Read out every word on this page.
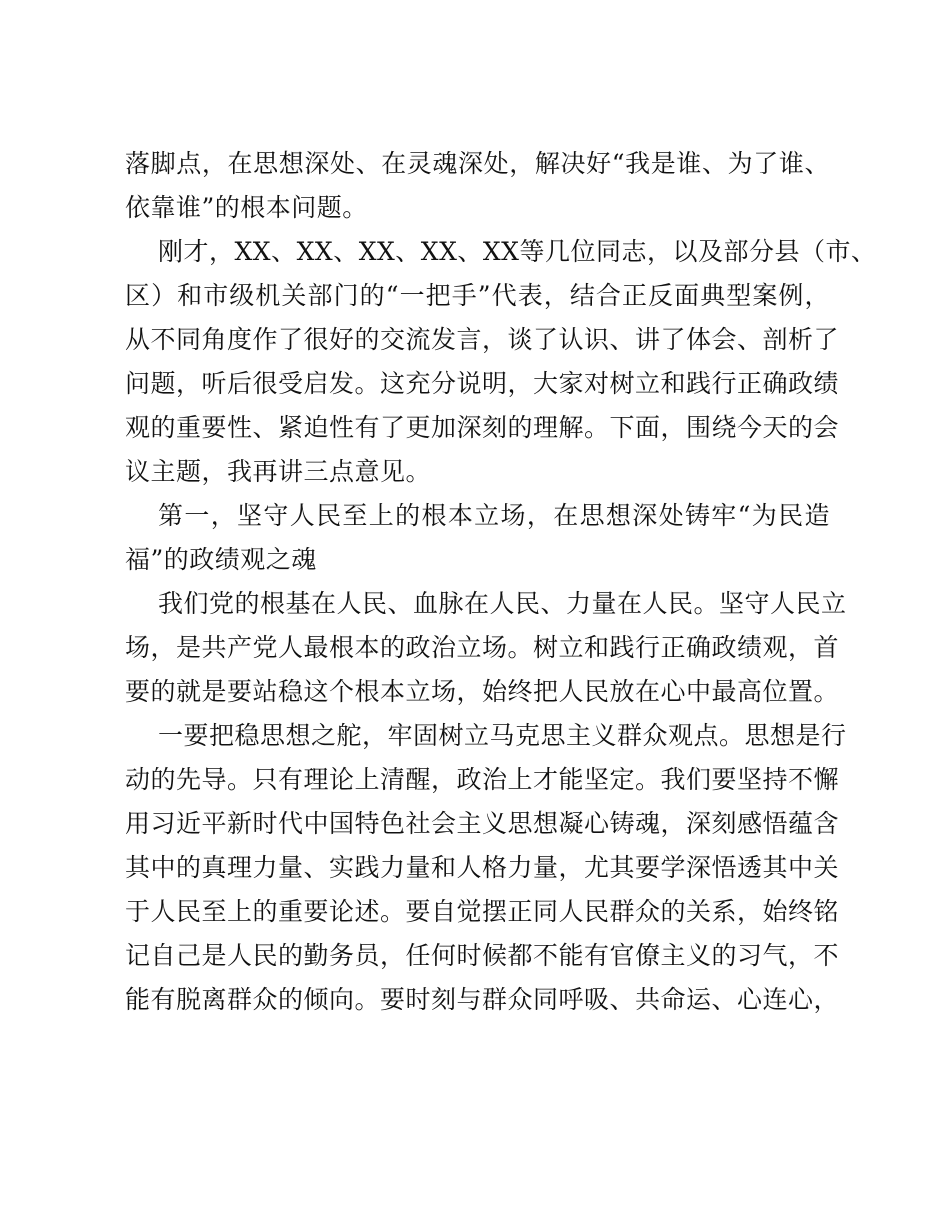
落脚点，在思想深处、在灵魂深处，解决好“我是谁、为了谁、
依靠谁”的根本问题。
刚才，XX、XX、XX、XX、XX等几位同志，以及部分县（市、
区）和市级机关部门的“一把手”代表，结合正反面典型案例，
从不同角度作了很好的交流发言，谈了认识、讲了体会、剖析了
问题，听后很受启发。这充分说明，大家对树立和践行正确政绩
观的重要性、紧迫性有了更加深刻的理解。下面，围绕今天的会
议主题，我再讲三点意见。
第一，坚守人民至上的根本立场，在思想深处铸牢“为民造
福”的政绩观之魂
我们党的根基在人民、血脉在人民、力量在人民。坚守人民立
场，是共产党人最根本的政治立场。树立和践行正确政绩观，首
要的就是要站稳这个根本立场，始终把人民放在心中最高位置。
一要把稳思想之舵，牢固树立马克思主义群众观点。思想是行
动的先导。只有理论上清醒，政治上才能坚定。我们要坚持不懈
用习近平新时代中国特色社会主义思想凝心铸魂，深刻感悟蕴含
其中的真理力量、实践力量和人格力量，尤其要学深悟透其中关
于人民至上的重要论述。要自觉摆正同人民群众的关系，始终铭
记自己是人民的勤务员，任何时候都不能有官僚主义的习气，不
能有脱离群众的倾向。要时刻与群众同呼吸、共命运、心连心，
